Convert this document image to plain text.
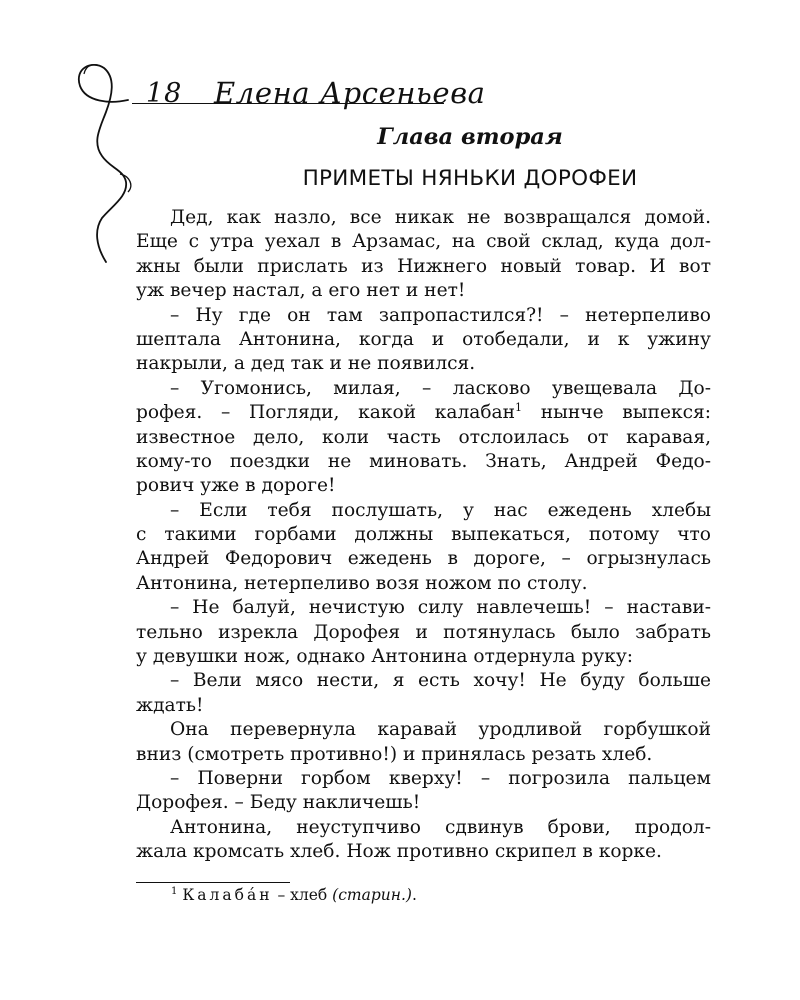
18 Елена Арсеньева
Глава вторая
ПРИМЕТЫ НЯНЬКИ ДОРОФЕИ
Дед, как назло, все никак не возвращался домой.
Еще с утра уехал в Арзамас, на свой склад, куда дол-
жны были прислать из Нижнего новый товар. И вот
уж вечер настал, а его нет и нет!
– Ну где он там запропастился?! – нетерпеливо
шептала Антонина, когда и отобедали, и к ужину
накрыли, а дед так и не появился.
– Угомонись, милая, – ласково увещевала До-
рофея. – Погляди, какой калабан$^1$ нынче выпекся:
известное дело, коли часть отслоилась от каравая,
кому-то поездки не миновать. Знать, Андрей Федо-
рович уже в дороге!
– Если тебя послушать, у нас ежедень хлебы
с такими горбами должны выпекаться, потому что
Андрей Федорович ежедень в дороге, – огрызнулась
Антонина, нетерпеливо возя ножом по столу.
– Не балуй, нечистую силу навлечешь! – настави-
тельно изрекла Дорофея и потянулась было забрать
у девушки нож, однако Антонина отдернула руку:
– Вели мясо нести, я есть хочу! Не буду больше
ждать!
Она перевернула каравай уродливой горбушкой
вниз (смотреть противно!) и принялась резать хлеб.
– Поверни горбом кверху! – погрозила пальцем
Дорофея. – Беду накличешь!
Антонина, неуступчиво сдвинув брови, продол-
жала кромсать хлеб. Нож противно скрипел в корке.
$^1$ Калаба́н – хлеб (старин.).
